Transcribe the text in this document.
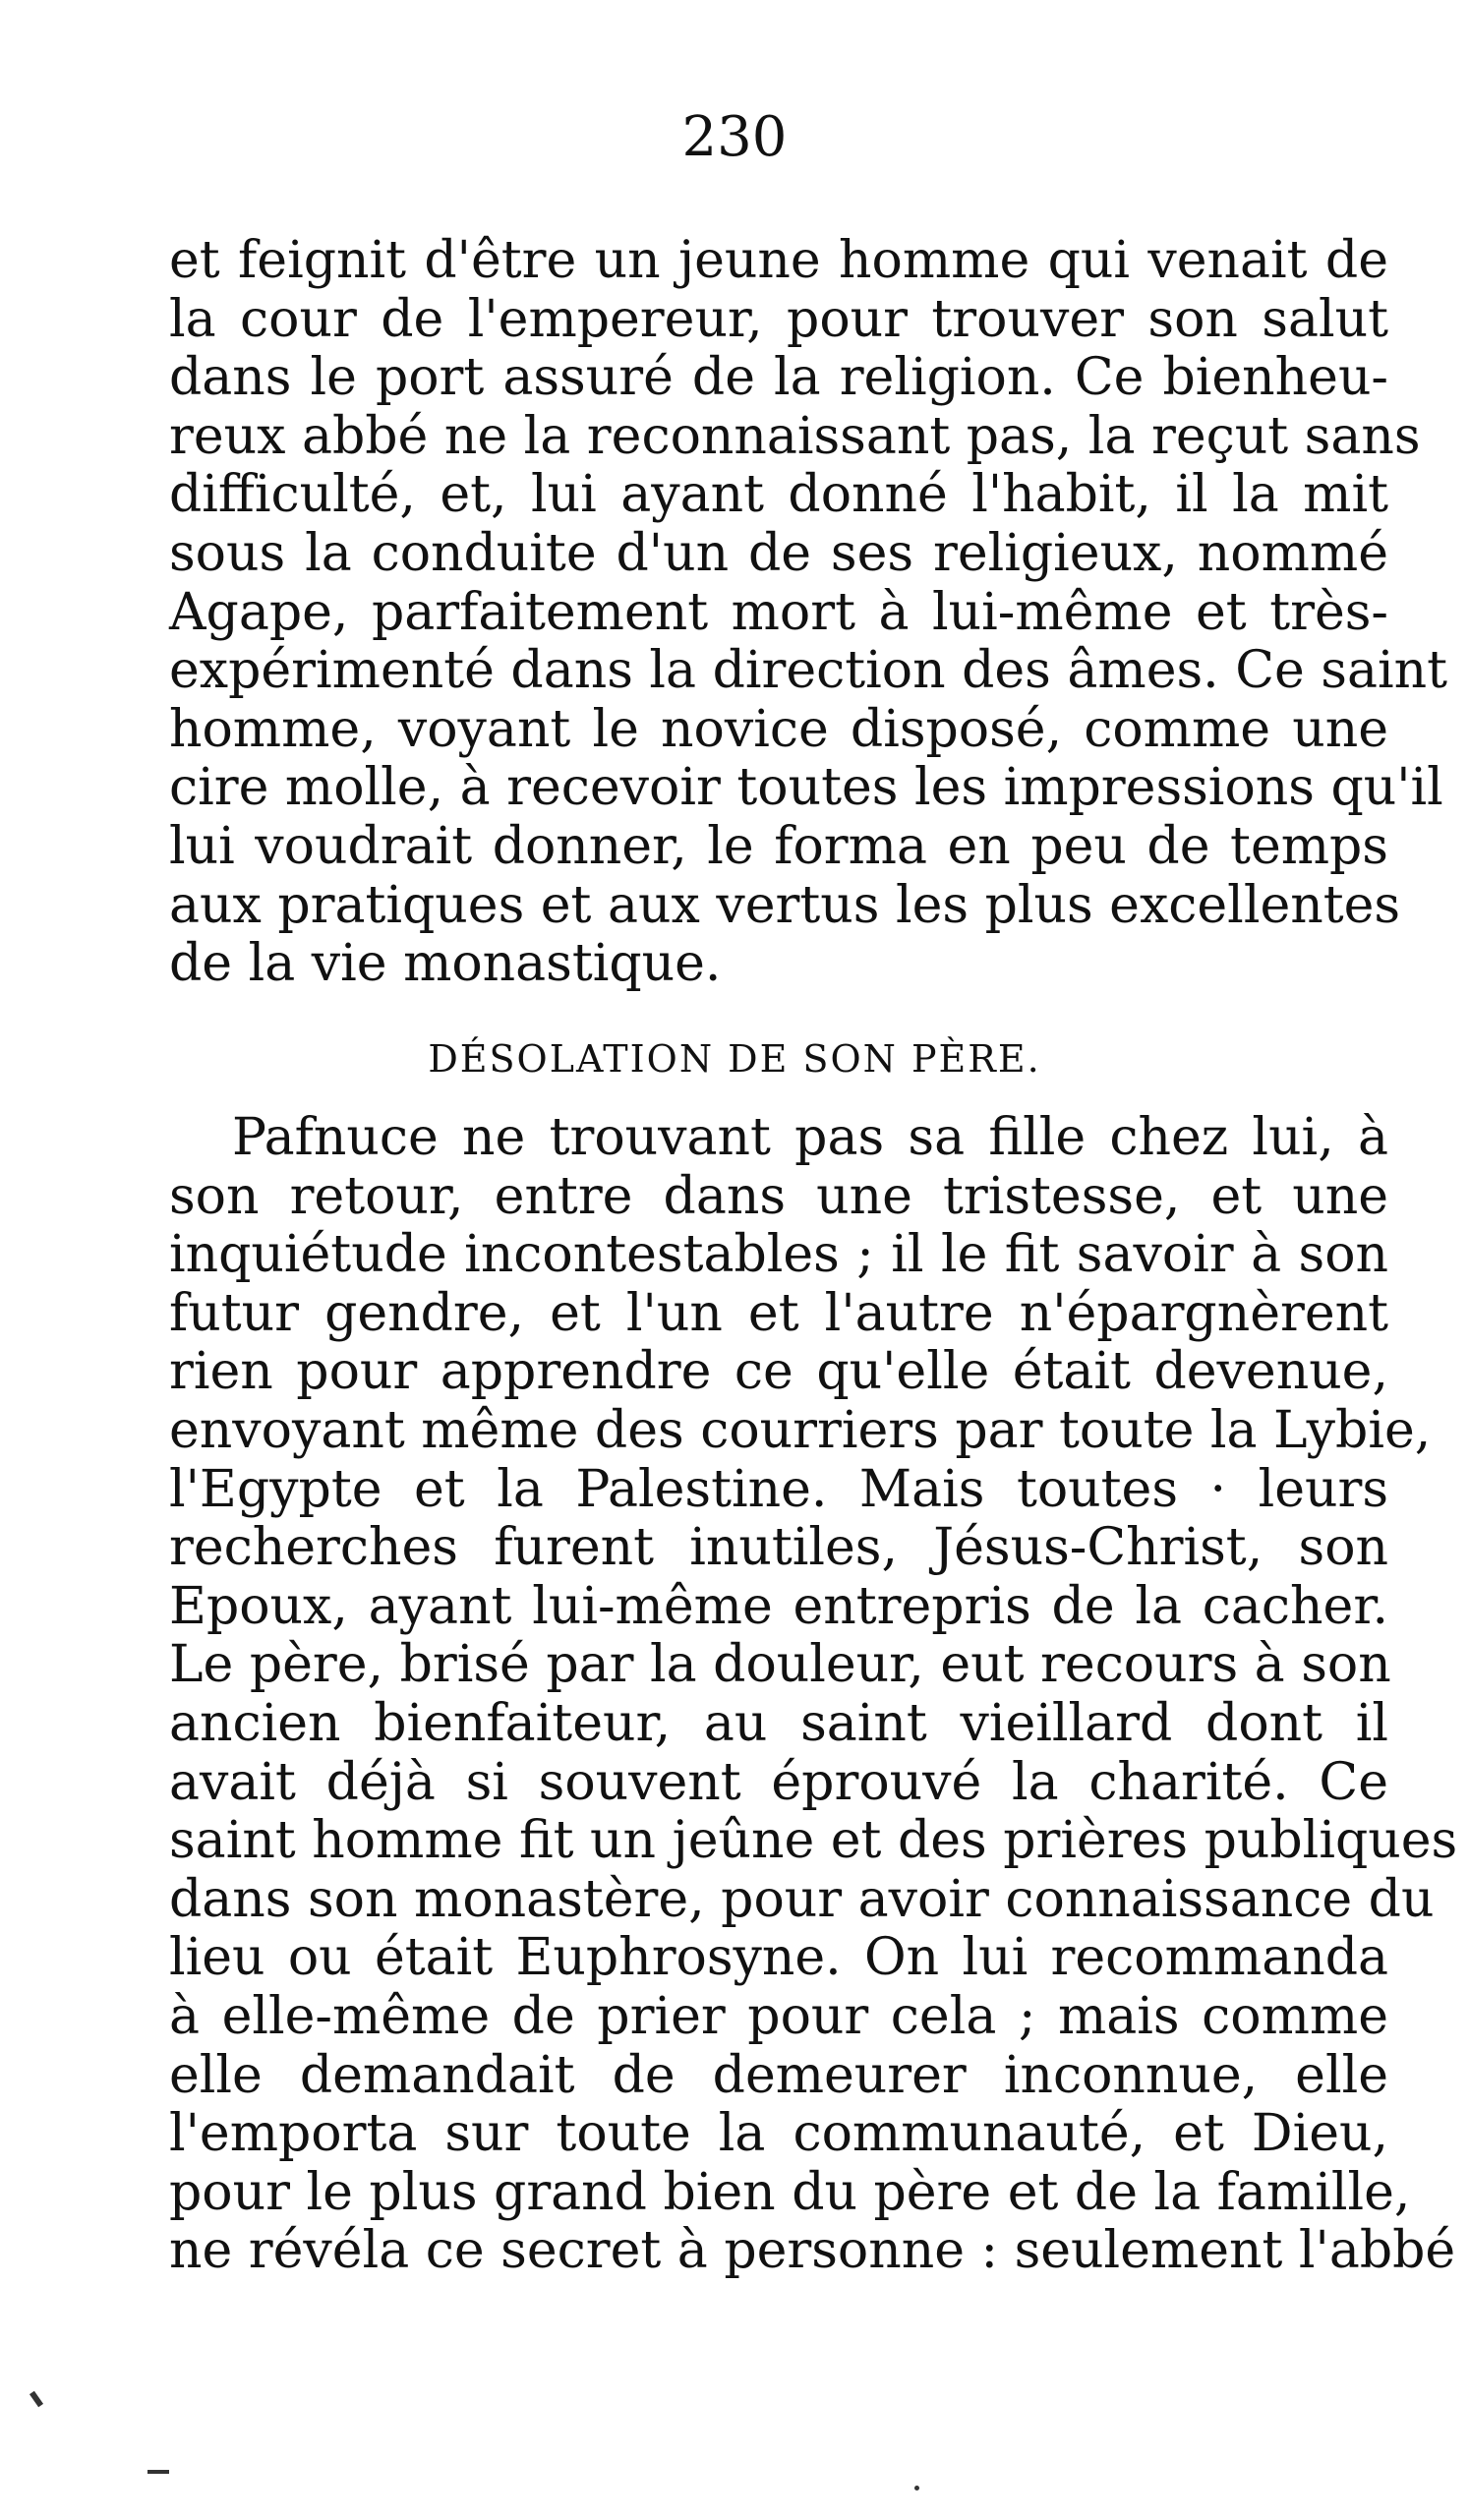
230
et feignit d'être un jeune homme qui venait de
la cour de l'empereur, pour trouver son salut
dans le port assuré de la religion. Ce bienheu-
reux abbé ne la reconnaissant pas, la reçut sans
difficulté, et, lui ayant donné l'habit, il la mit
sous la conduite d'un de ses religieux, nommé
Agape, parfaitement mort à lui-même et très-
expérimenté dans la direction des âmes. Ce saint
homme, voyant le novice disposé, comme une
cire molle, à recevoir toutes les impressions qu'il
lui voudrait donner, le forma en peu de temps
aux pratiques et aux vertus les plus excellentes
de la vie monastique.
DÉSOLATION DE SON PÈRE.
Pafnuce ne trouvant pas sa fille chez lui, à
son retour, entre dans une tristesse, et une
inquiétude incontestables ; il le fit savoir à son
futur gendre, et l'un et l'autre n'épargnèrent
rien pour apprendre ce qu'elle était devenue,
envoyant même des courriers par toute la Lybie,
l'Egypte et la Palestine. Mais toutes · leurs
recherches furent inutiles, Jésus-Christ, son
Epoux, ayant lui-même entrepris de la cacher.
Le père, brisé par la douleur, eut recours à son
ancien bienfaiteur, au saint vieillard dont il
avait déjà si souvent éprouvé la charité. Ce
saint homme fit un jeûne et des prières publiques
dans son monastère, pour avoir connaissance du
lieu ou était Euphrosyne. On lui recommanda
à elle-même de prier pour cela ; mais comme
elle demandait de demeurer inconnue, elle
l'emporta sur toute la communauté, et Dieu,
pour le plus grand bien du père et de la famille,
ne révéla ce secret à personne : seulement l'abbé
